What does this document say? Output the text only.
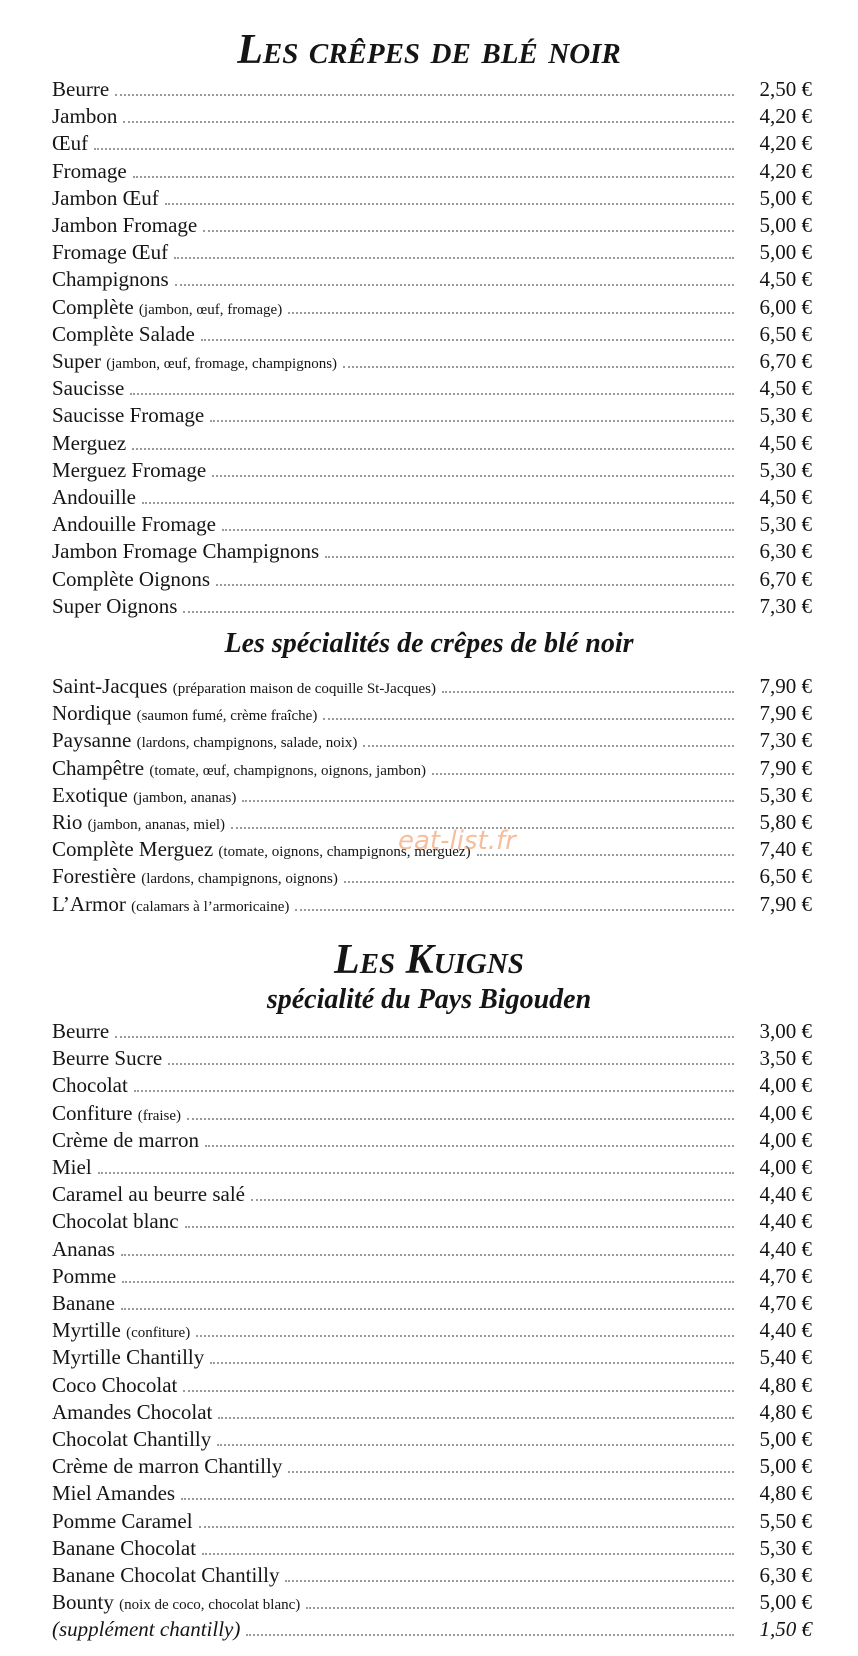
Les crêpes de blé noir
Beurre	2,50 €
Jambon	4,20 €
Œuf	4,20 €
Fromage	4,20 €
Jambon Œuf	5,00 €
Jambon Fromage	5,00 €
Fromage Œuf	5,00 €
Champignons	4,50 €
Complète (jambon, œuf, fromage)	6,00 €
Complète Salade	6,50 €
Super (jambon, œuf, fromage, champignons)	6,70 €
Saucisse	4,50 €
Saucisse Fromage	5,30 €
Merguez	4,50 €
Merguez Fromage	5,30 €
Andouille	4,50 €
Andouille Fromage	5,30 €
Jambon Fromage Champignons	6,30 €
Complète Oignons	6,70 €
Super Oignons	7,30 €
Les spécialités de crêpes de blé noir
Saint-Jacques (préparation maison de coquille St-Jacques)	7,90 €
Nordique (saumon fumé, crème fraîche)	7,90 €
Paysanne (lardons, champignons, salade, noix)	7,30 €
Champêtre (tomate, œuf, champignons, oignons, jambon)	7,90 €
Exotique (jambon, ananas)	5,30 €
Rio (jambon, ananas, miel)	5,80 €
Complète Merguez (tomate, oignons, champignons, merguez)	7,40 €
Forestière (lardons, champignons, oignons)	6,50 €
L’Armor (calamars à l’armoricaine)	7,90 €
Les Kuigns
spécialité du Pays Bigouden
Beurre	3,00 €
Beurre Sucre	3,50 €
Chocolat	4,00 €
Confiture (fraise)	4,00 €
Crème de marron	4,00 €
Miel	4,00 €
Caramel au beurre salé	4,40 €
Chocolat blanc	4,40 €
Ananas	4,40 €
Pomme	4,70 €
Banane	4,70 €
Myrtille (confiture)	4,40 €
Myrtille Chantilly	5,40 €
Coco Chocolat	4,80 €
Amandes Chocolat	4,80 €
Chocolat Chantilly	5,00 €
Crème de marron Chantilly	5,00 €
Miel Amandes	4,80 €
Pomme Caramel	5,50 €
Banane Chocolat	5,30 €
Banane Chocolat Chantilly	6,30 €
Bounty (noix de coco, chocolat blanc)	5,00 €
(supplément chantilly)	1,50 €
eat-list.fr
